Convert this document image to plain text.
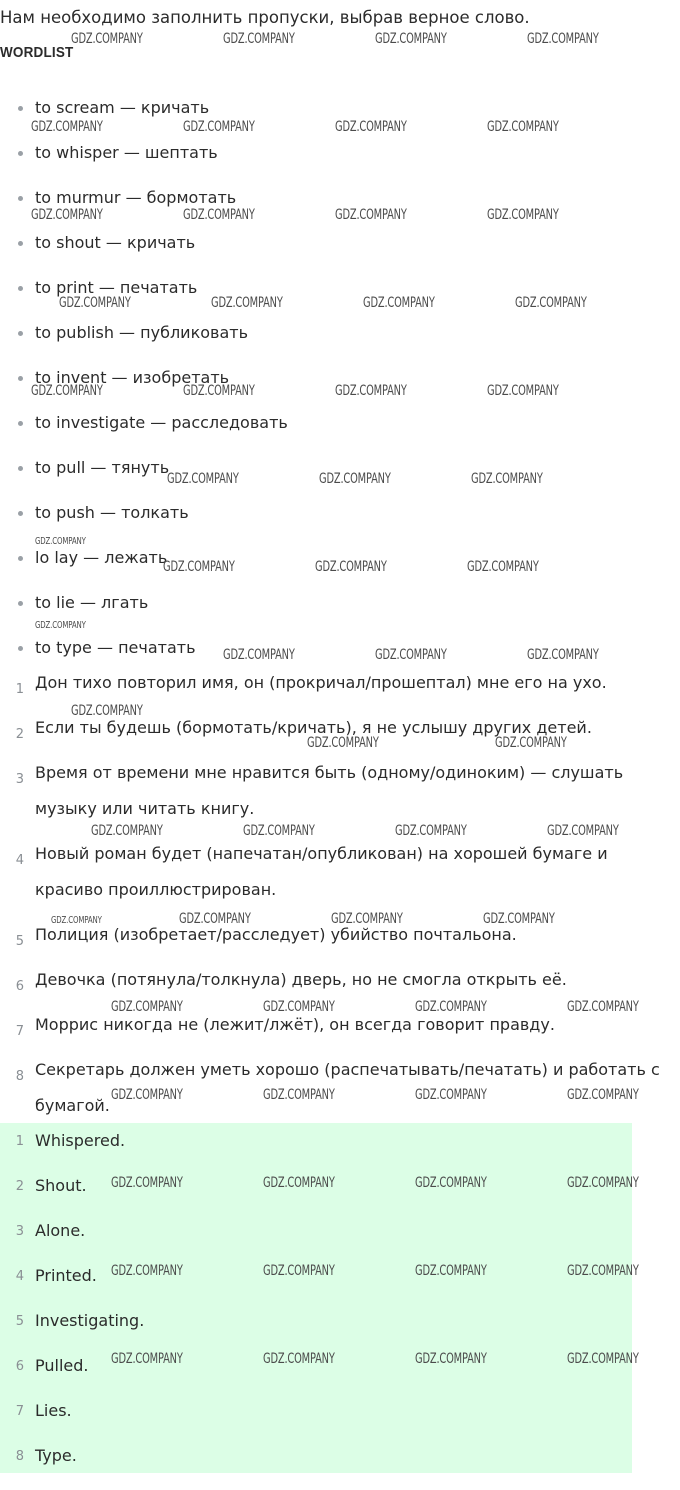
Нам необходимо заполнить пропуски, выбрав верное слово.

WORDLIST
to scream — кричать
to whisper — шептать
to murmur — бормотать
to shout — кричать
to print — печатать
to publish — публиковать
to invent — изобретать
to investigate — расследовать
to pull — тянуть
to push — толкать
lo lay — лежать
to lie — лгать
to type — печатать
1 Дон тихо повторил имя, он (прокричал/прошептал) мне его на ухо.
2 Если ты будешь (бормотать/кричать), я не услышу других детей.
3 Время от времени мне нравится быть (одному/одиноким) — слушать музыку или читать книгу.
4 Новый роман будет (напечатан/опубликован) на хорошей бумаге и красиво проиллюстрирован.
5 Полиция (изобретает/расследует) убийство почтальона.
6 Девочка (потянула/толкнула) дверь, но не смогла открыть её.
7 Моррис никогда не (лежит/лжёт), он всегда говорит правду.
8 Секретарь должен уметь хорошо (распечатывать/печатать) и работать с бумагой.
1 Whispered.
2 Shout.
3 Alone.
4 Printed.
5 Investigating.
6 Pulled.
7 Lies.
8 Type.
GDZ.COMPANY	GDZ.COMPANY	GDZ.COMPANY	GDZ.COMPANY
GDZ.COMPANY	GDZ.COMPANY	GDZ.COMPANY	GDZ.COMPANY
GDZ.COMPANY	GDZ.COMPANY	GDZ.COMPANY	GDZ.COMPANY
GDZ.COMPANY	GDZ.COMPANY	GDZ.COMPANY	GDZ.COMPANY
GDZ.COMPANY	GDZ.COMPANY	GDZ.COMPANY	GDZ.COMPANY
GDZ.COMPANY	GDZ.COMPANY	GDZ.COMPANY
GDZ.COMPANY	GDZ.COMPANY	GDZ.COMPANY
GDZ.COMPANY	GDZ.COMPANY	GDZ.COMPANY
GDZ.COMPANY
GDZ.COMPANY	GDZ.COMPANY
GDZ.COMPANY	GDZ.COMPANY	GDZ.COMPANY	GDZ.COMPANY
GDZ.COMPANY	GDZ.COMPANY	GDZ.COMPANY
GDZ.COMPANY	GDZ.COMPANY	GDZ.COMPANY	GDZ.COMPANY
GDZ.COMPANY	GDZ.COMPANY	GDZ.COMPANY	GDZ.COMPANY
GDZ.COMPANY	GDZ.COMPANY	GDZ.COMPANY	GDZ.COMPANY
GDZ.COMPANY	GDZ.COMPANY	GDZ.COMPANY	GDZ.COMPANY
GDZ.COMPANY	GDZ.COMPANY	GDZ.COMPANY	GDZ.COMPANY
GDZ.COMPANY
GDZ.COMPANY
GDZ.COMPANY
